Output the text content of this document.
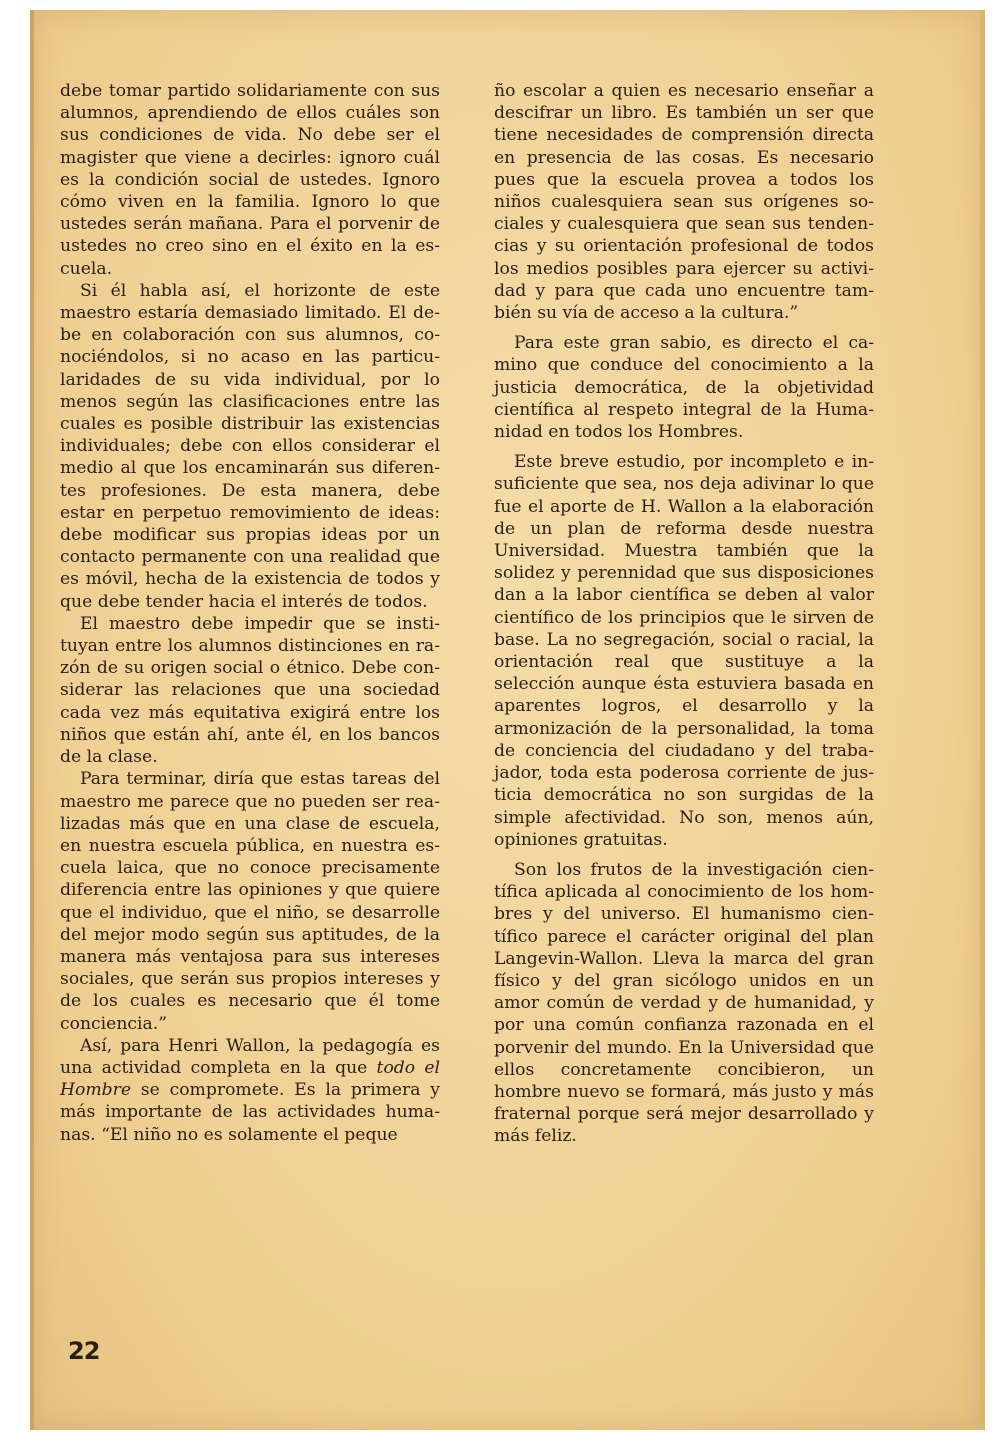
debe tomar partido solidariamente con sus alumnos, aprendiendo de ellos cuáles son sus condiciones de vida. No debe ser el magister que viene a decirles: ignoro cuál es la condición social de ustedes. Ignoro cómo viven en la familia. Ignoro lo que ustedes serán mañana. Para el porvenir de ustedes no creo sino en el éxito en la escuela.

Si él habla así, el horizonte de este maestro estaría demasiado limitado. El debe en colaboración con sus alumnos, conociéndolos, si no acaso en las particularidades de su vida individual, por lo menos según las clasificaciones entre las cuales es posible distribuir las existencias individuales; debe con ellos considerar el medio al que los encaminarán sus diferentes profesiones. De esta manera, debe estar en perpetuo removimiento de ideas: debe modificar sus propias ideas por un contacto permanente con una realidad que es móvil, hecha de la existencia de todos y que debe tender hacia el interés de todos.

El maestro debe impedir que se instituyan entre los alumnos distinciones en razón de su origen social o étnico. Debe considerar las relaciones que una sociedad cada vez más equitativa exigirá entre los niños que están ahí, ante él, en los bancos de la clase.

Para terminar, diría que estas tareas del maestro me parece que no pueden ser realizadas más que en una clase de escuela, en nuestra escuela pública, en nuestra escuela laica, que no conoce precisamente diferencia entre las opiniones y que quiere que el individuo, que el niño, se desarrolle del mejor modo según sus aptitudes, de la manera más ventajosa para sus intereses sociales, que serán sus propios intereses y de los cuales es necesario que él tome conciencia.”

Así, para Henri Wallon, la pedagogía es una actividad completa en la que todo el Hombre se compromete. Es la primera y más importante de las actividades humanas. “El niño no es solamente el peque

ño escolar a quien es necesario enseñar a descifrar un libro. Es también un ser que tiene necesidades de comprensión directa en presencia de las cosas. Es necesario pues que la escuela provea a todos los niños cualesquiera sean sus orígenes sociales y cualesquiera que sean sus tendencias y su orientación profesional de todos los medios posibles para ejercer su actividad y para que cada uno encuentre también su vía de acceso a la cultura.”

Para este gran sabio, es directo el camino que conduce del conocimiento a la justicia democrática, de la objetividad científica al respeto integral de la Humanidad en todos los Hombres.

Este breve estudio, por incompleto e insuficiente que sea, nos deja adivinar lo que fue el aporte de H. Wallon a la elaboración de un plan de reforma desde nuestra Universidad. Muestra también que la solidez y perennidad que sus disposiciones dan a la labor científica se deben al valor científico de los principios que le sirven de base. La no segregación, social o racial, la orientación real que sustituye a la selección aunque ésta estuviera basada en aparentes logros, el desarrollo y la armonización de la personalidad, la toma de conciencia del ciudadano y del trabajador, toda esta poderosa corriente de justicia democrática no son surgidas de la simple afectividad. No son, menos aún, opiniones gratuitas.

Son los frutos de la investigación científica aplicada al conocimiento de los hombres y del universo. El humanismo científico parece el carácter original del plan Langevin-Wallon. Lleva la marca del gran físico y del gran sicólogo unidos en un amor común de verdad y de humanidad, y por una común confianza razonada en el porvenir del mundo. En la Universidad que ellos concretamente concibieron, un hombre nuevo se formará, más justo y más fraternal porque será mejor desarrollado y más feliz.

22
